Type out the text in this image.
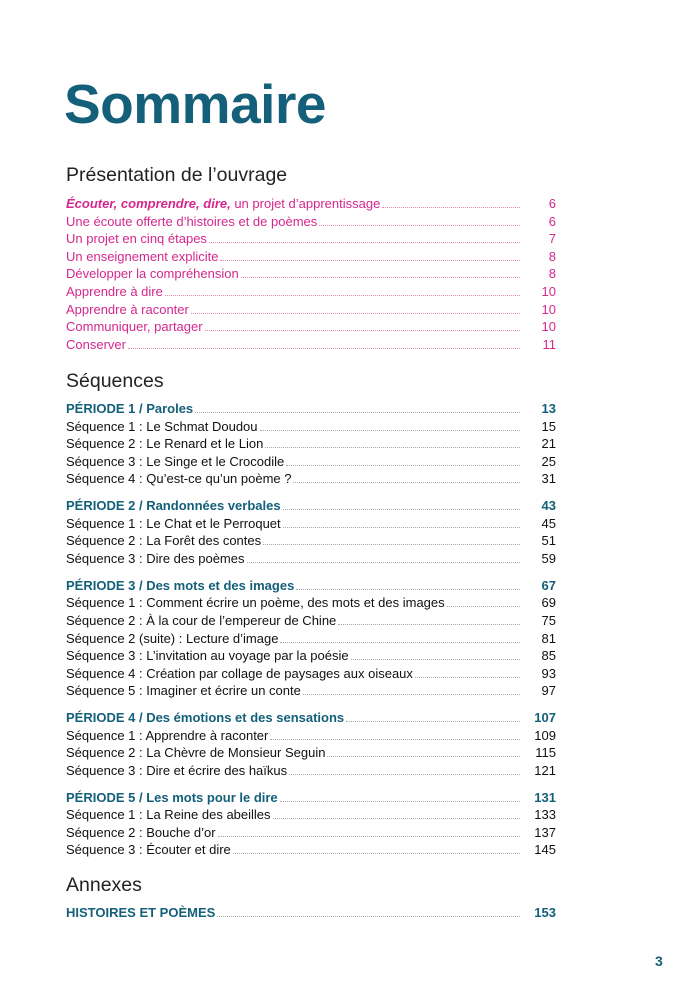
Sommaire
Présentation de l’ouvrage
Écouter, comprendre, dire, un projet d’apprentissage	6
Une écoute offerte d’histoires et de poèmes	6
Un projet en cinq étapes	7
Un enseignement explicite	8
Développer la compréhension	8
Apprendre à dire	10
Apprendre à raconter	10
Communiquer, partager	10
Conserver	11
Séquences
PÉRIODE 1 / Paroles	13
Séquence 1 : Le Schmat Doudou	15
Séquence 2 : Le Renard et le Lion	21
Séquence 3 : Le Singe et le Crocodile	25
Séquence 4 : Qu’est-ce qu’un poème ?	31
PÉRIODE 2 / Randonnées verbales	43
Séquence 1 : Le Chat et le Perroquet	45
Séquence 2 : La Forêt des contes	51
Séquence 3 : Dire des poèmes	59
PÉRIODE 3 / Des mots et des images	67
Séquence 1 : Comment écrire un poème, des mots et des images	69
Séquence 2 : À la cour de l’empereur de Chine	75
Séquence 2 (suite) : Lecture d’image	81
Séquence 3 : L’invitation au voyage par la poésie	85
Séquence 4 : Création par collage de paysages aux oiseaux	93
Séquence 5 : Imaginer et écrire un conte	97
PÉRIODE 4 / Des émotions et des sensations	107
Séquence 1 : Apprendre à raconter	109
Séquence 2 : La Chèvre de Monsieur Seguin	115
Séquence 3 : Dire et écrire des haïkus	121
PÉRIODE 5 / Les mots pour le dire	131
Séquence 1 : La Reine des abeilles	133
Séquence 2 : Bouche d’or	137
Séquence 3 : Écouter et dire	145
Annexes
HISTOIRES ET POÈMES	153
3
